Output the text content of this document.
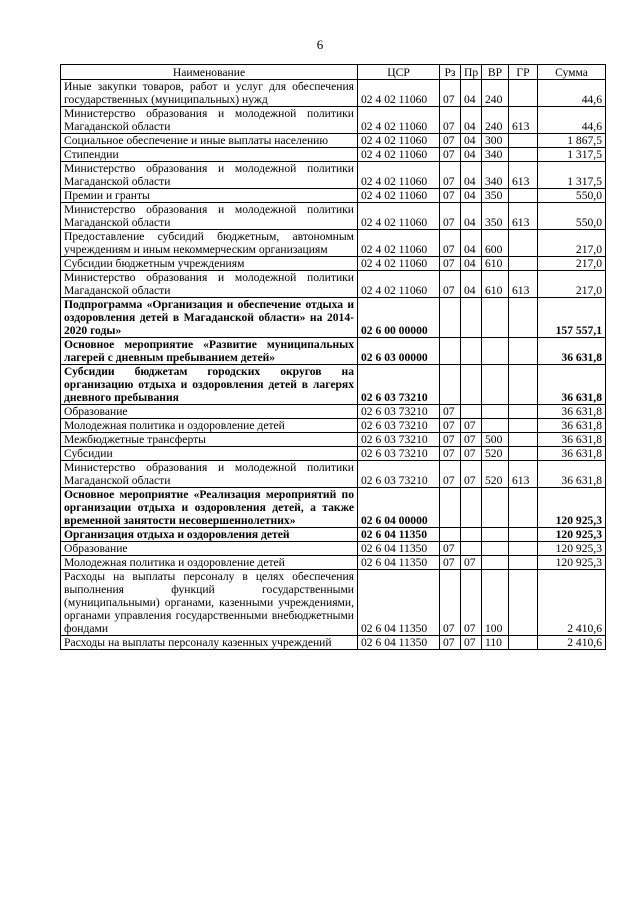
6
Наименование	ЦСР	Рз	Пр	ВР	ГР	Сумма
Иные закупки товаров, работ и услуг для обеспечения государственных (муниципальных) нужд	02 4 02 11060	07	04	240		44,6
Министерство образования и молодежной политики Магаданской области	02 4 02 11060	07	04	240	613	44,6
Социальное обеспечение и иные выплаты населению	02 4 02 11060	07	04	300		1 867,5
Стипендии	02 4 02 11060	07	04	340		1 317,5
Министерство образования и молодежной политики Магаданской области	02 4 02 11060	07	04	340	613	1 317,5
Премии и гранты	02 4 02 11060	07	04	350		550,0
Министерство образования и молодежной политики Магаданской области	02 4 02 11060	07	04	350	613	550,0
Предоставление субсидий бюджетным, автономным учреждениям и иным некоммерческим организациям	02 4 02 11060	07	04	600		217,0
Субсидии бюджетным учреждениям	02 4 02 11060	07	04	610		217,0
Министерство образования и молодежной политики Магаданской области	02 4 02 11060	07	04	610	613	217,0
Подпрограмма «Организация и обеспечение отдыха и оздоровления детей в Магаданской области» на 2014-2020 годы»	02 6 00 00000					157 557,1
Основное мероприятие «Развитие муниципальных лагерей с дневным пребыванием детей»	02 6 03 00000					36 631,8
Субсидии бюджетам городских округов на организацию отдыха и оздоровления детей в лагерях дневного пребывания	02 6 03 73210					36 631,8
Образование	02 6 03 73210	07				36 631,8
Молодежная политика и оздоровление детей	02 6 03 73210	07	07			36 631,8
Межбюджетные трансферты	02 6 03 73210	07	07	500		36 631,8
Субсидии	02 6 03 73210	07	07	520		36 631,8
Министерство образования и молодежной политики Магаданской области	02 6 03 73210	07	07	520	613	36 631,8
Основное мероприятие «Реализация мероприятий по организации отдыха и оздоровления детей, а также временной занятости несовершеннолетних»	02 6 04 00000					120 925,3
Организация отдыха и оздоровления детей	02 6 04 11350					120 925,3
Образование	02 6 04 11350	07				120 925,3
Молодежная политика и оздоровление детей	02 6 04 11350	07	07			120 925,3
Расходы на выплаты персоналу в целях обеспечения выполнения функций государственными (муниципальными) органами, казенными учреждениями, органами управления государственными внебюджетными фондами	02 6 04 11350	07	07	100		2 410,6
Расходы на выплаты персоналу казенных учреждений	02 6 04 11350	07	07	110		2 410,6
